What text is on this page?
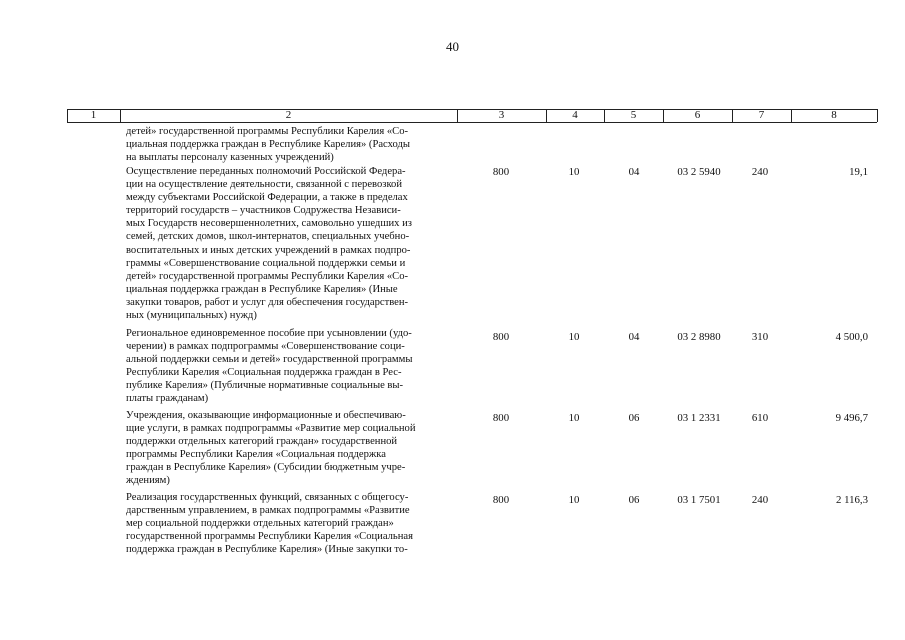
40
1	2	3	4	5	6	7	8
детей» государственной программы Республики Карелия «Со-
циальная поддержка граждан в Республике Карелия» (Расходы
на выплаты персоналу казенных учреждений)
Осуществление переданных полномочий Российской Федера-
ции на осуществление деятельности, связанной с перевозкой
между субъектами Российской Федерации, а также в пределах
территорий государств – участников Содружества Независи-
мых Государств несовершеннолетних, самовольно ушедших из
семей, детских домов, школ-интернатов, специальных учебно-
воспитательных и иных детских учреждений в рамках подпро-
граммы «Совершенствование социальной поддержки семьи и
детей» государственной программы Республики Карелия «Со-
циальная поддержка граждан в Республике Карелия» (Иные
закупки товаров, работ и услуг для обеспечения государствен-
ных (муниципальных) нужд)
800	10	04	03 2 5940	240	19,1
Региональное единовременное пособие при усыновлении (удо-
черении) в рамках подпрограммы «Совершенствование соци-
альной поддержки семьи и детей» государственной программы
Республики Карелия «Социальная поддержка граждан в Рес-
публике Карелия» (Публичные нормативные социальные вы-
платы гражданам)
800	10	04	03 2 8980	310	4 500,0
Учреждения, оказывающие информационные и обеспечиваю-
щие услуги, в рамках подпрограммы «Развитие мер социальной
поддержки отдельных категорий граждан» государственной
программы Республики Карелия «Социальная поддержка
граждан в Республике Карелия» (Субсидии бюджетным учре-
ждениям)
800	10	06	03 1 2331	610	9 496,7
Реализация государственных функций, связанных с общегосу-
дарственным управлением, в рамках подпрограммы «Развитие
мер социальной поддержки отдельных категорий граждан»
государственной программы Республики Карелия «Социальная
поддержка граждан в Республике Карелия» (Иные закупки то-
800	10	06	03 1 7501	240	2 116,3
